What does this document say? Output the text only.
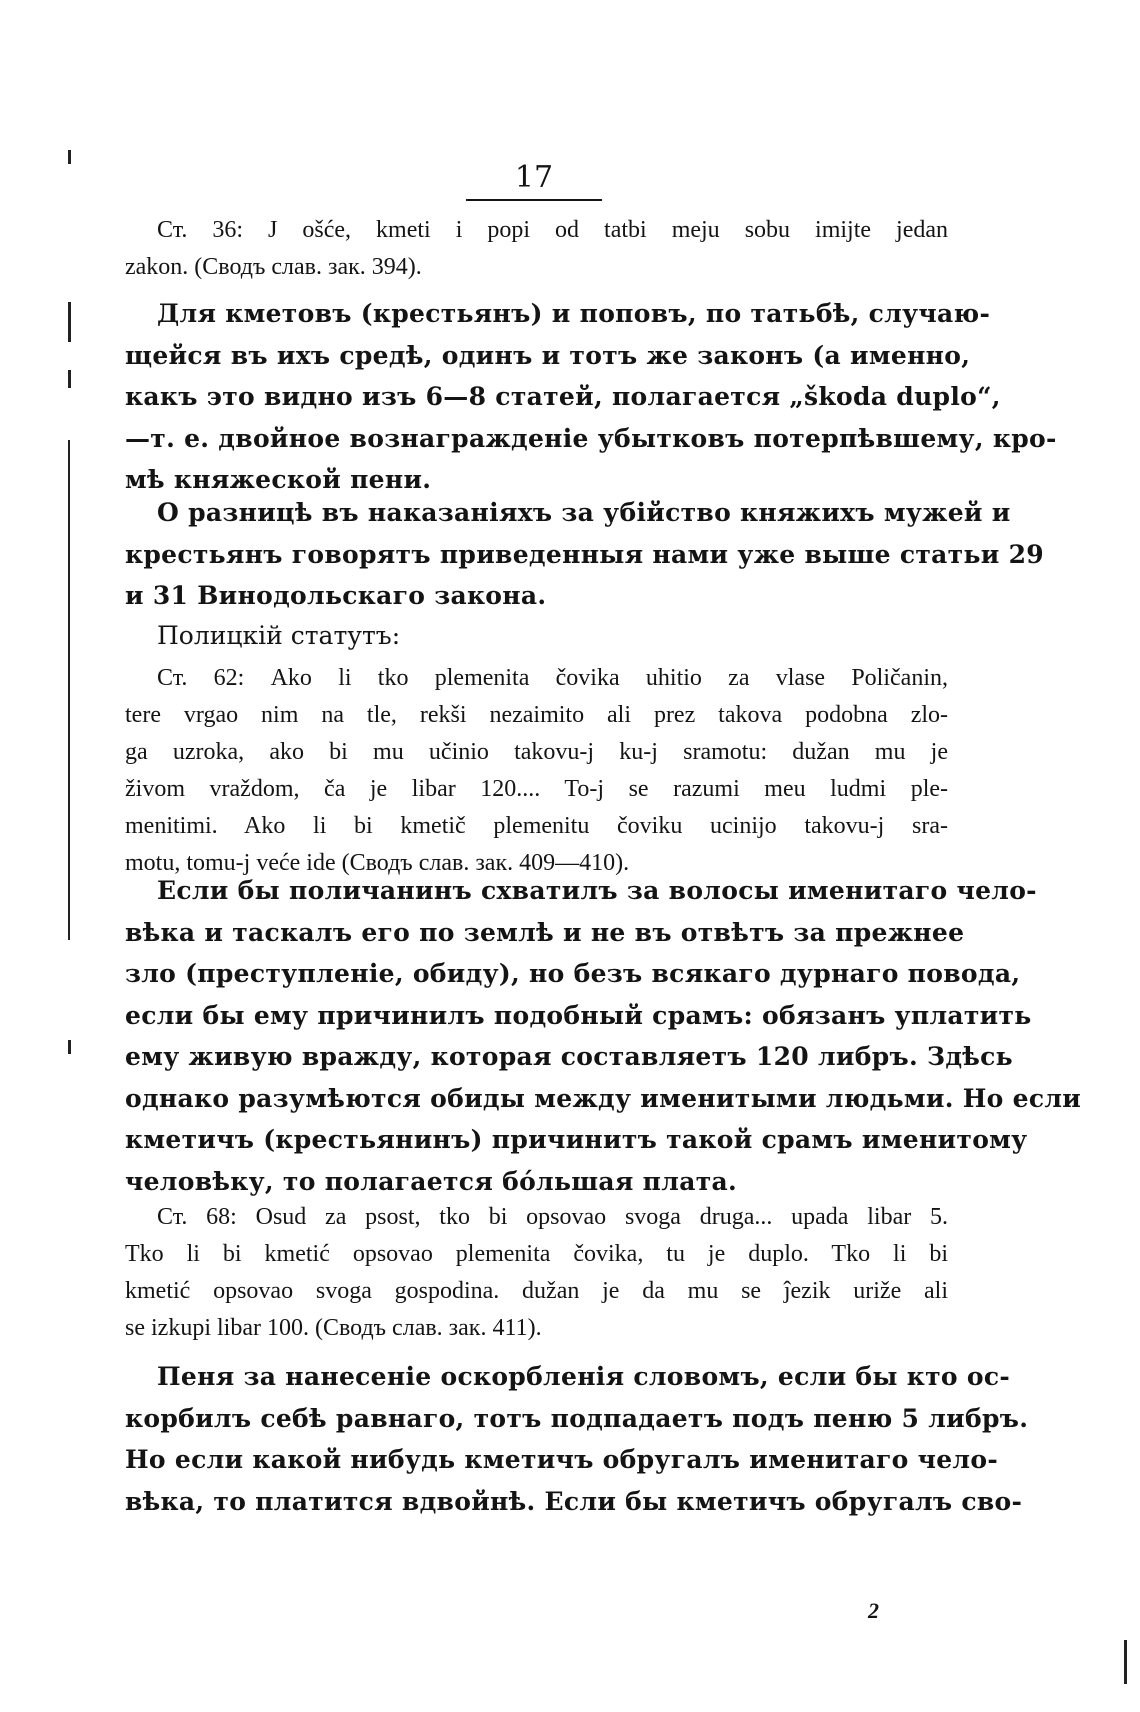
17
Ст. 36: J ošće, kmeti i popi od tatbi meju sobu imijte jedan
zakon. (Сводъ слав. зак. 394).
Для кметовъ (крестьянъ) и поповъ, по татьбѣ, случаю-
щейся въ ихъ средѣ, одинъ и тотъ же законъ (а именно,
какъ это видно изъ 6—8 статей, полагается „škoda duplo“,
—т. е. двойное вознагражденіе убытковъ потерпѣвшему, кро-
мѣ княжеской пени.
О разницѣ въ наказаніяхъ за убійство княжихъ мужей и
крестьянъ говорятъ приведенныя нами уже выше статьи 29
и 31 Винодольскаго закона.
Полицкій статутъ:
Ст. 62: Ako li tko plemenita čovika uhitio za vlase Poličanin,
tere vrgao nim na tle, rekši nezaimito ali prez takova podobna zlo-
ga uzroka, ako bi mu učinio takovu-j ku-j sramotu: dužan mu je
živom vraždom, ča je libar 120.... To-j se razumi meu ludmi ple-
menitimi. Ako li bi kmetič plemenitu čoviku ucinijo takovu-j sra-
motu, tomu-j veće ide (Сводъ слав. зак. 409—410).
Если бы поличанинъ схватилъ за волосы именитаго чело-
вѣка и таскалъ его по землѣ и не въ отвѣтъ за прежнее
зло (преступленіе, обиду), но безъ всякаго дурнаго повода,
если бы ему причинилъ подобный срамъ: обязанъ уплатить
ему живую вражду, которая составляетъ 120 либръ. Здѣсь
однако разумѣются обиды между именитыми людьми. Но если
кметичъ (крестьянинъ) причинитъ такой срамъ именитому
человѣку, то полагается бо́льшая плата.
Ст. 68: Osud za psost, tko bi opsovao svoga druga... upada libar 5.
Tko li bi kmetić opsovao plemenita čovika, tu je duplo. Tko li bi
kmetić opsovao svoga gospodina. dužan je da mu se ĵezik uriže ali
se izkupi libar 100. (Сводъ слав. зак. 411).
Пеня за нанесеніе оскорбленія словомъ, если бы кто ос-
корбилъ себѣ равнаго, тотъ подпадаетъ подъ пеню 5 либръ.
Но если какой нибудь кметичъ обругалъ именитаго чело-
вѣка, то платится вдвойнѣ. Если бы кметичъ обругалъ сво-
2
